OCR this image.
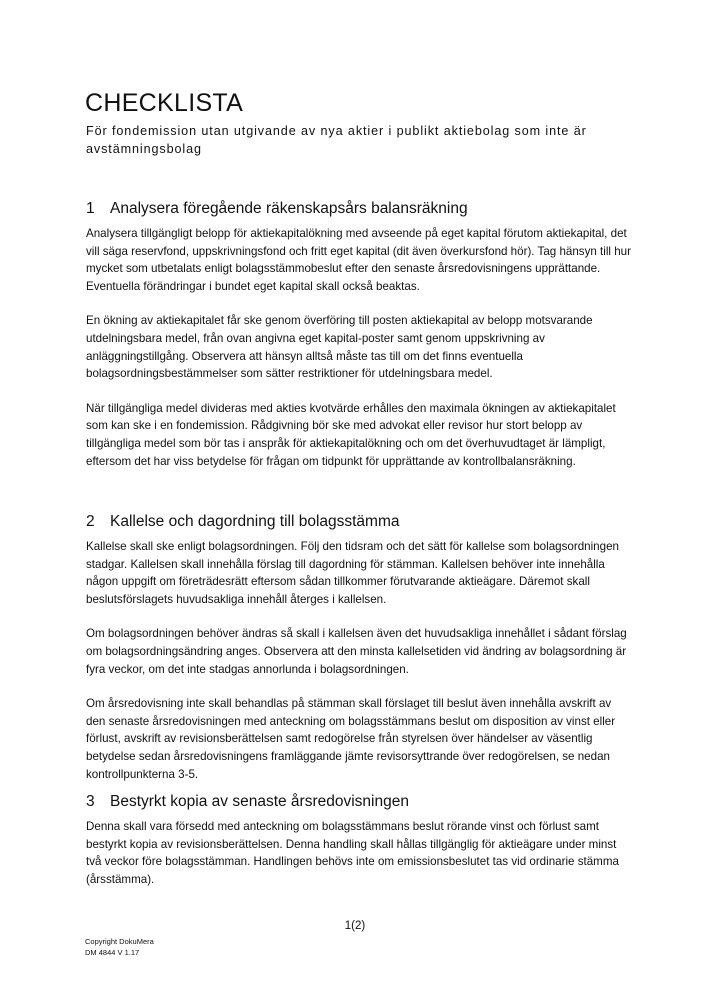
CHECKLISTA

För fondemission utan utgivande av nya aktier i publikt aktiebolag som inte är avstämningsbolag

1 Analysera föregående räkenskapsårs balansräkning

Analysera tillgängligt belopp för aktiekapitalökning med avseende på eget kapital förutom aktiekapital, det vill säga reservfond, uppskrivningsfond och fritt eget kapital (dit även överkursfond hör). Tag hänsyn till hur mycket som utbetalats enligt bolagsstämmobeslut efter den senaste årsredovisningens upprättande. Eventuella förändringar i bundet eget kapital skall också beaktas.

En ökning av aktiekapitalet får ske genom överföring till posten aktiekapital av belopp motsvarande utdelningsbara medel, från ovan angivna eget kapital-poster samt genom uppskrivning av anläggningstillgång. Observera att hänsyn alltså måste tas till om det finns eventuella bolagsordningsbestämmelser som sätter restriktioner för utdelningsbara medel.

När tillgängliga medel divideras med akties kvotvärde erhålles den maximala ökningen av aktiekapitalet som kan ske i en fondemission. Rådgivning bör ske med advokat eller revisor hur stort belopp av tillgängliga medel som bör tas i anspråk för aktiekapitalökning och om det överhuvudtaget är lämpligt, eftersom det har viss betydelse för frågan om tidpunkt för upprättande av kontrollbalansräkning.

2 Kallelse och dagordning till bolagsstämma

Kallelse skall ske enligt bolagsordningen. Följ den tidsram och det sätt för kallelse som bolagsordningen stadgar. Kallelsen skall innehålla förslag till dagordning för stämman. Kallelsen behöver inte innehålla någon uppgift om företrädesrätt eftersom sådan tillkommer förutvarande aktieägare. Däremot skall beslutsförslagets huvudsakliga innehåll återges i kallelsen.

Om bolagsordningen behöver ändras så skall i kallelsen även det huvudsakliga innehållet i sådant förslag om bolagsordningsändring anges. Observera att den minsta kallelsetiden vid ändring av bolagsordning är fyra veckor, om det inte stadgas annorlunda i bolagsordningen.

Om årsredovisning inte skall behandlas på stämman skall förslaget till beslut även innehålla avskrift av den senaste årsredovisningen med anteckning om bolagsstämmans beslut om disposition av vinst eller förlust, avskrift av revisionsberättelsen samt redogörelse från styrelsen över händelser av väsentlig betydelse sedan årsredovisningens framläggande jämte revisorsyttrande över redogörelsen, se nedan kontrollpunkterna 3-5.

3 Bestyrkt kopia av senaste årsredovisningen

Denna skall vara försedd med anteckning om bolagsstämmans beslut rörande vinst och förlust samt bestyrkt kopia av revisionsberättelsen. Denna handling skall hållas tillgänglig för aktieägare under minst två veckor före bolagsstämman. Handlingen behövs inte om emissionsbeslutet tas vid ordinarie stämma (årsstämma).

1(2)
Copyright DokuMera
DM 4844 V 1.17
